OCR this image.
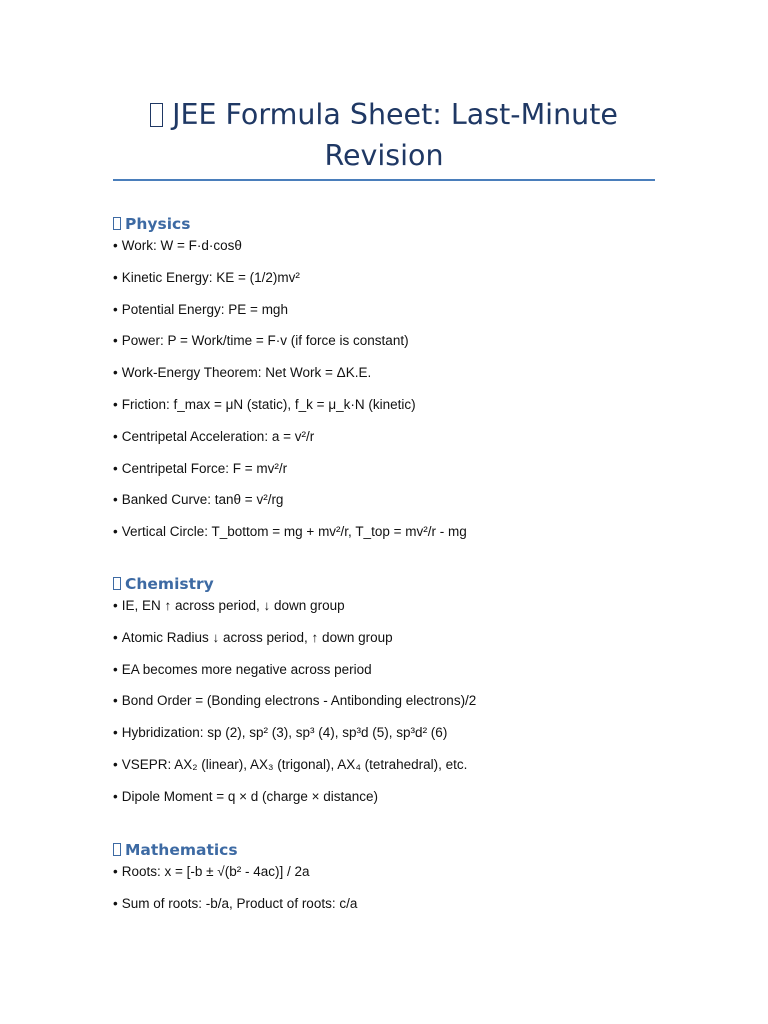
JEE Formula Sheet: Last-Minute Revision
Physics
• Work: W = F·d·cosθ
• Kinetic Energy: KE = (1/2)mv²
• Potential Energy: PE = mgh
• Power: P = Work/time = F·v (if force is constant)
• Work-Energy Theorem: Net Work = ΔK.E.
• Friction: f_max = μN (static), f_k = μ_k·N (kinetic)
• Centripetal Acceleration: a = v²/r
• Centripetal Force: F = mv²/r
• Banked Curve: tanθ = v²/rg
• Vertical Circle: T_bottom = mg + mv²/r, T_top = mv²/r - mg
Chemistry
• IE, EN ↑ across period, ↓ down group
• Atomic Radius ↓ across period, ↑ down group
• EA becomes more negative across period
• Bond Order = (Bonding electrons - Antibonding electrons)/2
• Hybridization: sp (2), sp² (3), sp³ (4), sp³d (5), sp³d² (6)
• VSEPR: AX₂ (linear), AX₃ (trigonal), AX₄ (tetrahedral), etc.
• Dipole Moment = q × d (charge × distance)
Mathematics
• Roots: x = [-b ± √(b² - 4ac)] / 2a
• Sum of roots: -b/a, Product of roots: c/a
